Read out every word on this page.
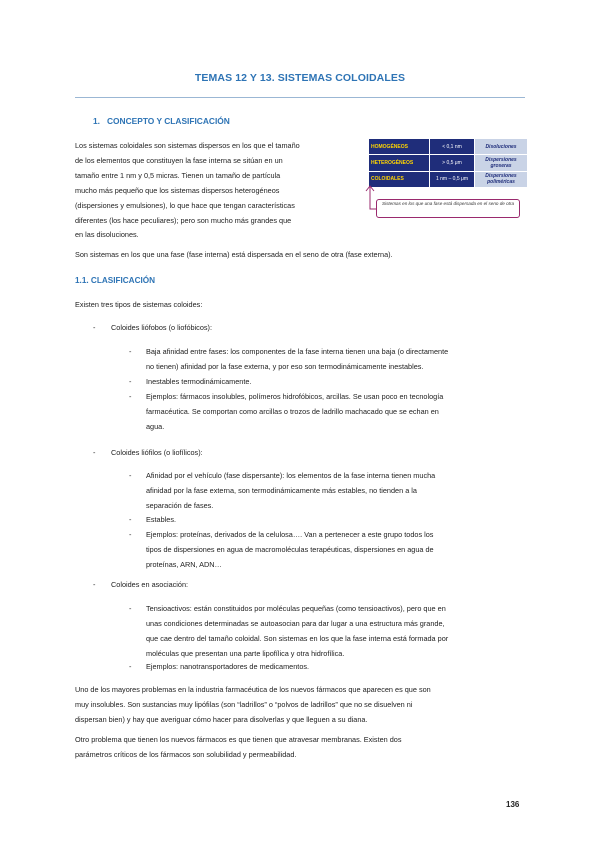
TEMAS 12 Y 13. SISTEMAS COLOIDALES
1. CONCEPTO Y CLASIFICACIÓN
Los sistemas coloidales son sistemas dispersos en los que el tamaño
de los elementos que constituyen la fase interna se sitúan en un
tamaño entre 1 nm y 0,5 micras. Tienen un tamaño de partícula
mucho más pequeño que los sistemas dispersos heterogéneos
(dispersiones y emulsiones), lo que hace que tengan características
diferentes (los hace peculiares); pero son mucho más grandes que
en las disoluciones.
HOMOGÉNEOS	< 0,1 nm	Disoluciones
HETEROGÉNEOS	> 0,5 μm	Dispersiones groseras
COLOIDALES	1 nm – 0,5 μm	Dispersiones poliméricas
Sistemas en los que una fase está dispersada en el seno de otra
Son sistemas en los que una fase (fase interna) está dispersada en el seno de otra (fase externa).
1.1. CLASIFICACIÓN
Existen tres tipos de sistemas coloides:
- Coloides liófobos (o liofóbicos):
- Baja afinidad entre fases: los componentes de la fase interna tienen una baja (o directamente
no tienen) afinidad por la fase externa, y por eso son termodinámicamente inestables.
- Inestables termodinámicamente.
- Ejemplos: fármacos insolubles, polímeros hidrofóbicos, arcillas. Se usan poco en tecnología
farmacéutica. Se comportan como arcillas o trozos de ladrillo machacado que se echan en
agua.
- Coloides liófilos (o liofílicos):
- Afinidad por el vehículo (fase dispersante): los elementos de la fase interna tienen mucha
afinidad por la fase externa, son termodinámicamente más estables, no tienden a la
separación de fases.
- Estables.
- Ejemplos: proteínas, derivados de la celulosa…. Van a pertenecer a este grupo todos los
tipos de dispersiones en agua de macromoléculas terapéuticas, dispersiones en agua de
proteínas, ARN, ADN…
- Coloides en asociación:
- Tensioactivos: están constituidos por moléculas pequeñas (como tensioactivos), pero que en
unas condiciones determinadas se autoasocian para dar lugar a una estructura más grande,
que cae dentro del tamaño coloidal. Son sistemas en los que la fase interna está formada por
moléculas que presentan una parte lipofílica y otra hidrofílica.
- Ejemplos: nanotransportadores de medicamentos.
Uno de los mayores problemas en la industria farmacéutica de los nuevos fármacos que aparecen es que son
muy insolubles. Son sustancias muy lipófilas (son “ladrillos” o “polvos de ladrillos” que no se disuelven ni
dispersan bien) y hay que averiguar cómo hacer para disolverlas y que lleguen a su diana.
Otro problema que tienen los nuevos fármacos es que tienen que atravesar membranas. Existen dos
parámetros críticos de los fármacos son solubilidad y permeabilidad.
136
